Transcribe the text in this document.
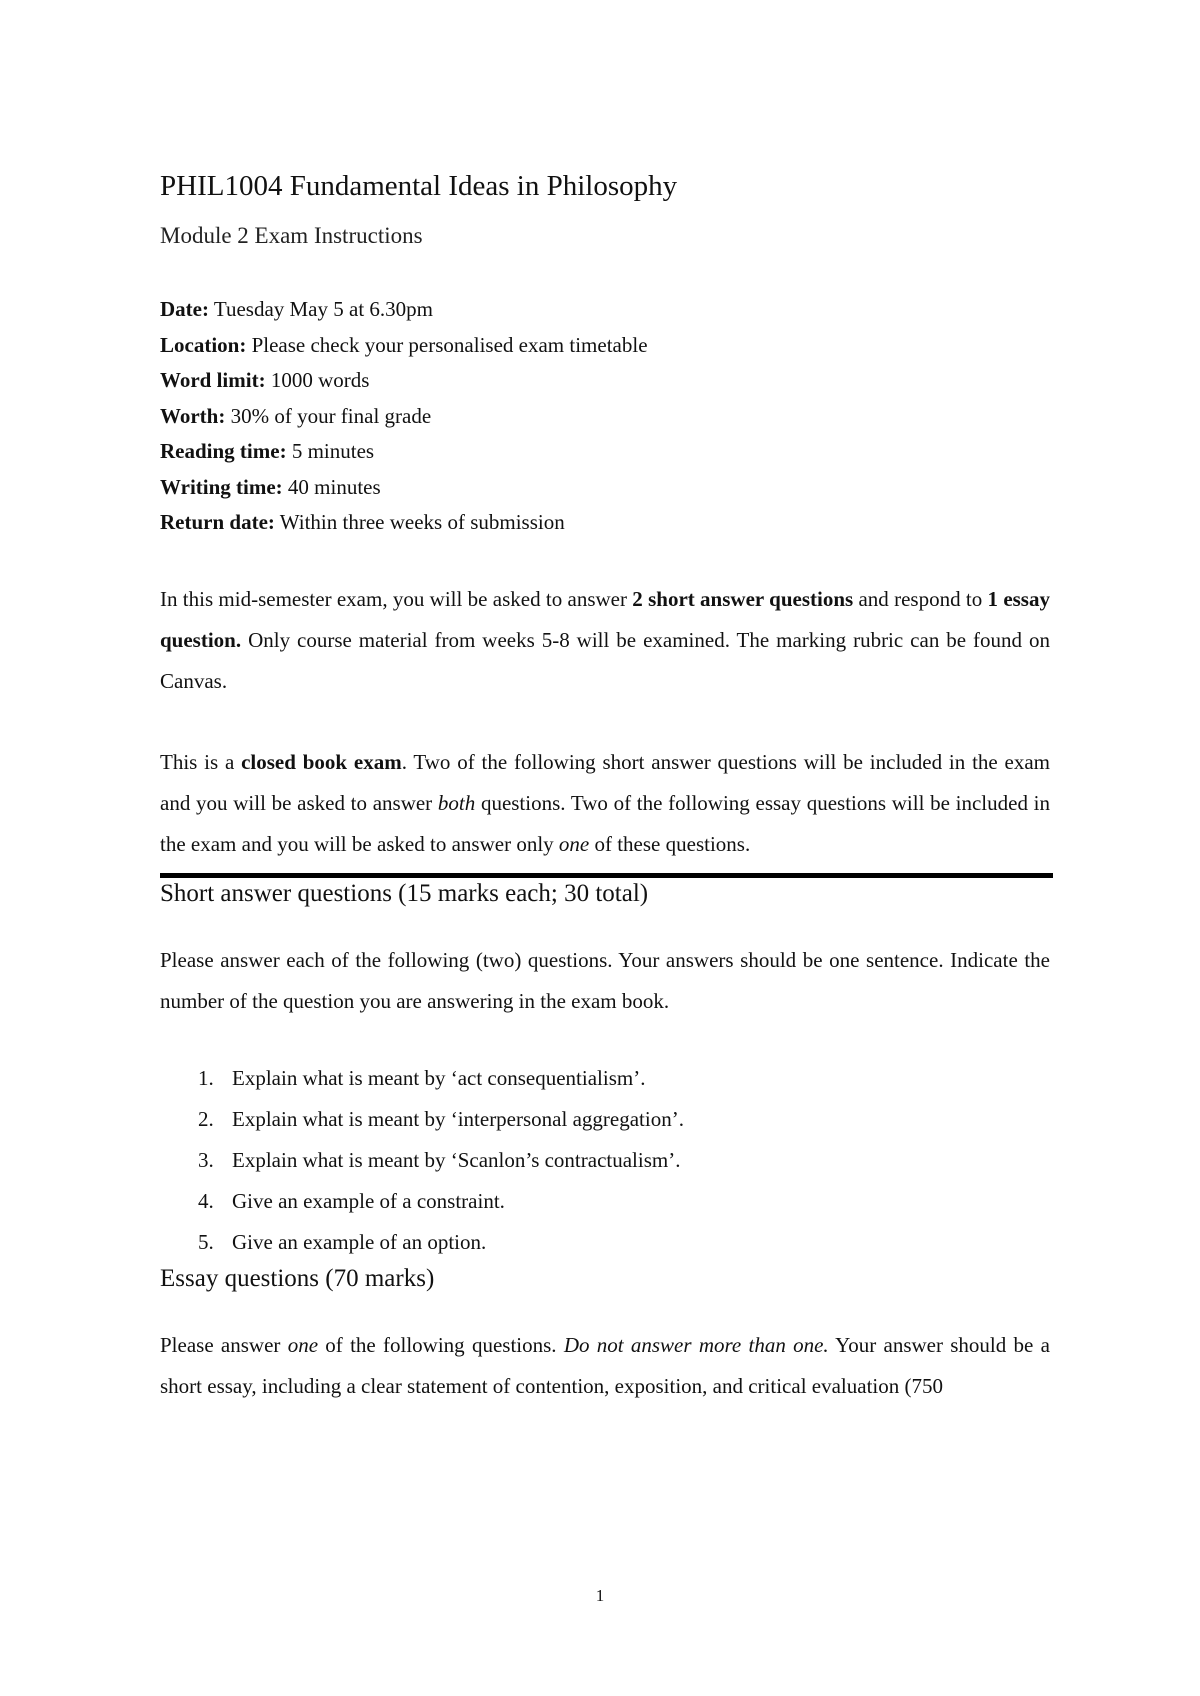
PHIL1004 Fundamental Ideas in Philosophy
Module 2 Exam Instructions
Date: Tuesday May 5 at 6.30pm
Location: Please check your personalised exam timetable
Word limit: 1000 words
Worth: 30% of your final grade
Reading time: 5 minutes
Writing time: 40 minutes
Return date: Within three weeks of submission

In this mid-semester exam, you will be asked to answer 2 short answer questions and respond to 1 essay question. Only course material from weeks 5-8 will be examined. The marking rubric can be found on Canvas.

This is a closed book exam. Two of the following short answer questions will be included in the exam and you will be asked to answer both questions. Two of the following essay questions will be included in the exam and you will be asked to answer only one of these questions.

Short answer questions (15 marks each; 30 total)

Please answer each of the following (two) questions. Your answers should be one sentence. Indicate the number of the question you are answering in the exam book.

1. Explain what is meant by ‘act consequentialism’.
2. Explain what is meant by ‘interpersonal aggregation’.
3. Explain what is meant by ‘Scanlon’s contractualism’.
4. Give an example of a constraint.
5. Give an example of an option.
Essay questions (70 marks)

Please answer one of the following questions. Do not answer more than one. Your answer should be a short essay, including a clear statement of contention, exposition, and critical evaluation (750

1
